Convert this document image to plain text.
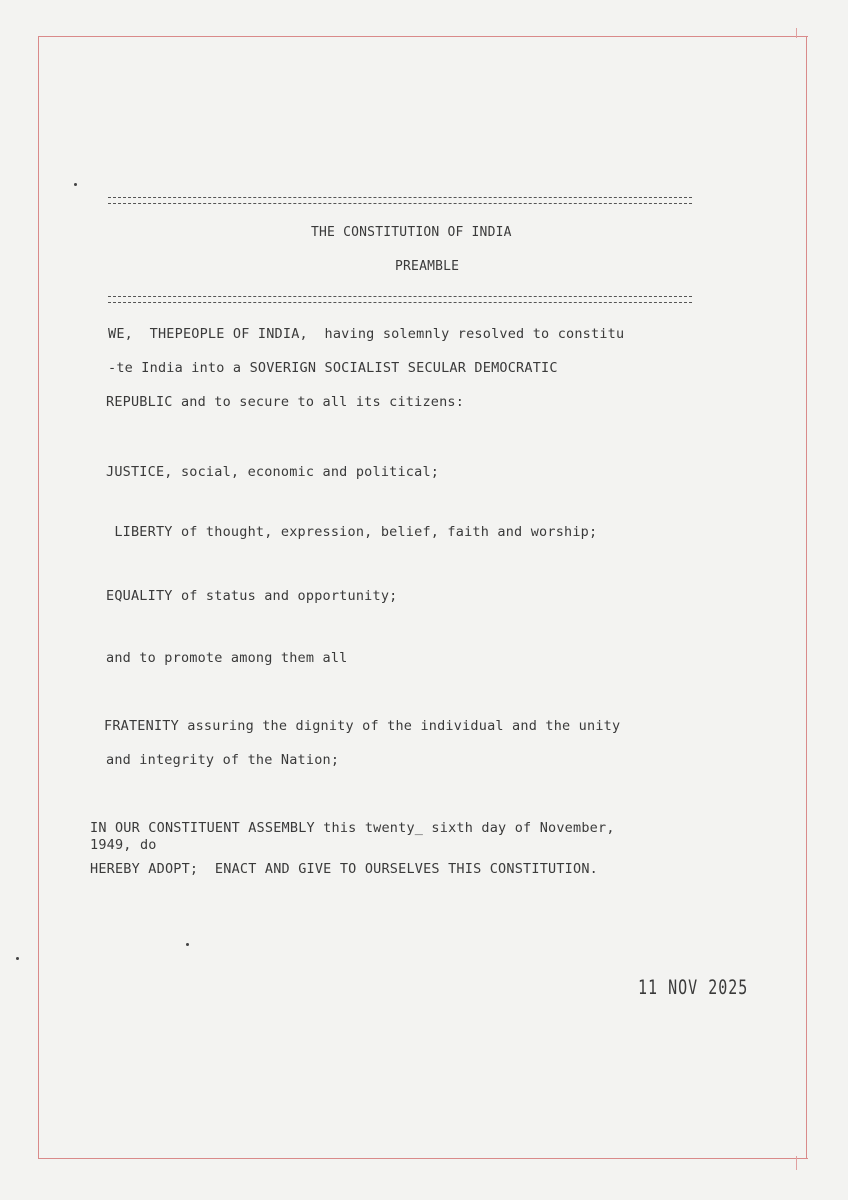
THE CONSTITUTION OF INDIA
PREAMBLE
WE,  THEPEOPLE OF INDIA,  having solemnly resolved to constitu
-te India into a SOVERIGN SOCIALIST SECULAR DEMOCRATIC
REPUBLIC and to secure to all its citizens:
JUSTICE, social, economic and political;
LIBERTY of thought, expression, belief, faith and worship;
EQUALITY of status and opportunity;
and to promote among them all
FRATENITY assuring the dignity of the individual and the unity
and integrity of the Nation;
IN OUR CONSTITUENT ASSEMBLY this twenty_ sixth day of November,
1949, do
HEREBY ADOPT;  ENACT AND GIVE TO OURSELVES THIS CONSTITUTION.
11 NOV 2025
